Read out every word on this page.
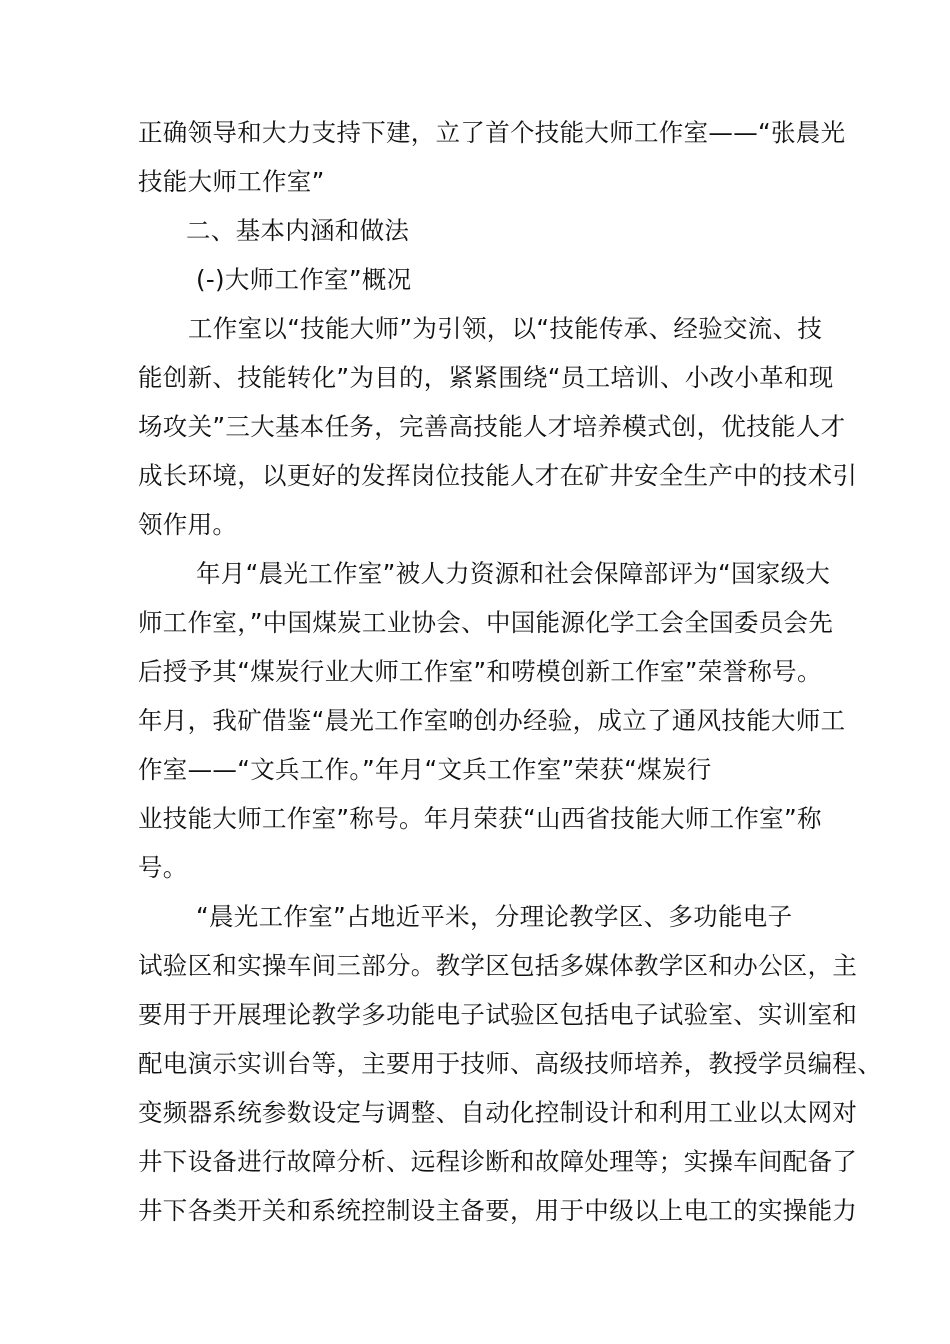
正确领导和大力支持下建，立了首个技能大师工作室——“张晨光
技能大师工作室”
二、基本内涵和做法
(-)大师工作室”概况
工作室以“技能大师”为引领，以“技能传承、经验交流、技
能创新、技能转化”为目的，紧紧围绕“员工培训、小改小革和现
场攻关”三大基本任务，完善高技能人才培养模式创，优技能人才
成长环境，以更好的发挥岗位技能人才在矿井安全生产中的技术引
领作用。
年月“晨光工作室”被人力资源和社会保障部评为“国家级大
师工作室，”中国煤炭工业协会、中国能源化学工会全国委员会先
后授予其“煤炭行业大师工作室”和唠模创新工作室”荣誉称号。
年月，我矿借鉴“晨光工作室啲创办经验，成立了通风技能大师工
作室——“文兵工作。”年月“文兵工作室”荣获“煤炭行
业技能大师工作室”称号。年月荣获“山西省技能大师工作室”称
号。
“晨光工作室”占地近平米，分理论教学区、多功能电子
试验区和实操车间三部分。教学区包括多媒体教学区和办公区，主
要用于开展理论教学多功能电子试验区包括电子试验室、实训室和
配电演示实训台等，主要用于技师、高级技师培养，教授学员编程、
变频器系统参数设定与调整、自动化控制设计和利用工业以太网对
井下设备进行故障分析、远程诊断和故障处理等；实操车间配备了
井下各类开关和系统控制设主备要，用于中级以上电工的实操能力
